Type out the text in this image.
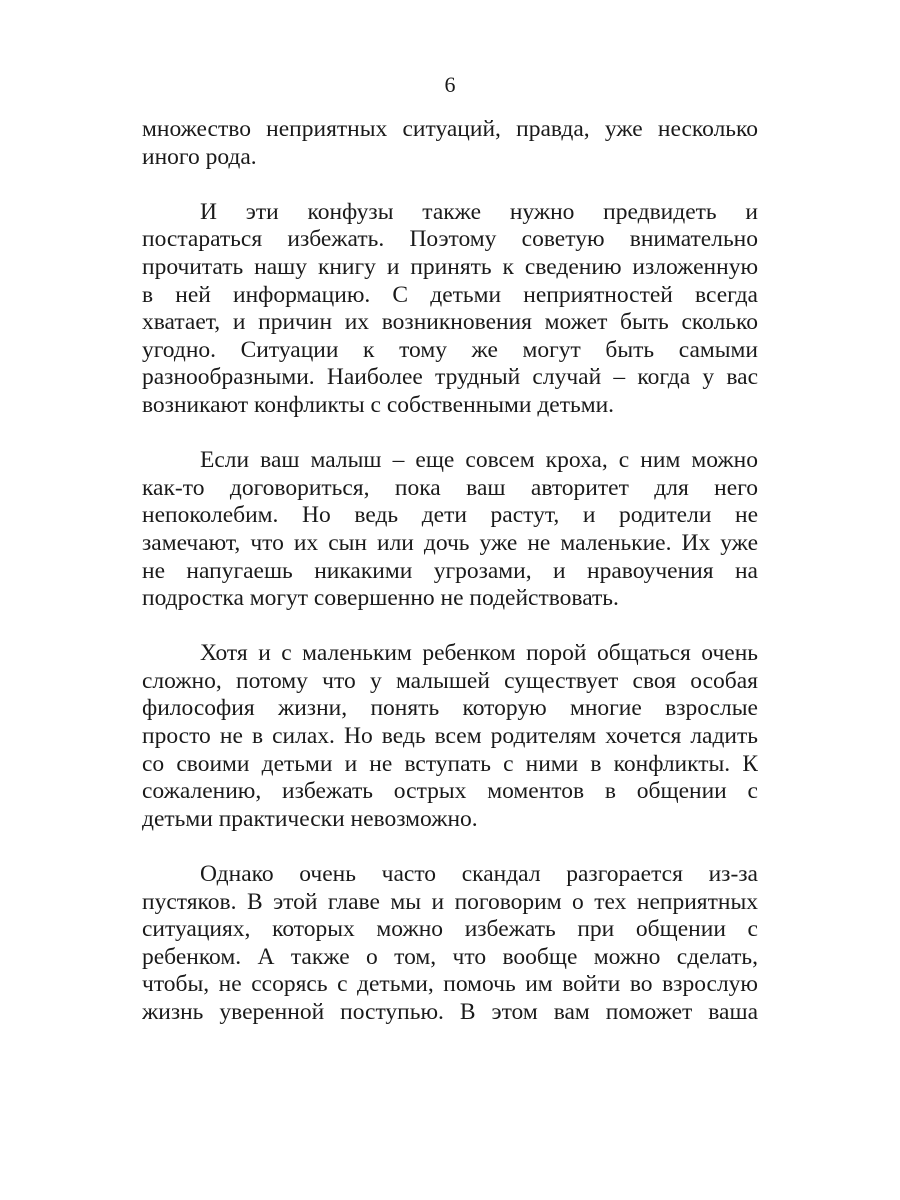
6
множество неприятных ситуаций, правда, уже несколько
иного рода.
И эти конфузы также нужно предвидеть и
постараться избежать. Поэтому советую внимательно
прочитать нашу книгу и принять к сведению изложенную
в ней информацию. С детьми неприятностей всегда
хватает, и причин их возникновения может быть сколько
угодно. Ситуации к тому же могут быть самыми
разнообразными. Наиболее трудный случай – когда у вас
возникают конфликты с собственными детьми.
Если ваш малыш – еще совсем кроха, с ним можно
как-то договориться, пока ваш авторитет для него
непоколебим. Но ведь дети растут, и родители не
замечают, что их сын или дочь уже не маленькие. Их уже
не напугаешь никакими угрозами, и нравоучения на
подростка могут совершенно не подействовать.
Хотя и с маленьким ребенком порой общаться очень
сложно, потому что у малышей существует своя особая
философия жизни, понять которую многие взрослые
просто не в силах. Но ведь всем родителям хочется ладить
со своими детьми и не вступать с ними в конфликты. К
сожалению, избежать острых моментов в общении с
детьми практически невозможно.
Однако очень часто скандал разгорается из-за
пустяков. В этой главе мы и поговорим о тех неприятных
ситуациях, которых можно избежать при общении с
ребенком. А также о том, что вообще можно сделать,
чтобы, не ссорясь с детьми, помочь им войти во взрослую
жизнь уверенной поступью. В этом вам поможет ваша
